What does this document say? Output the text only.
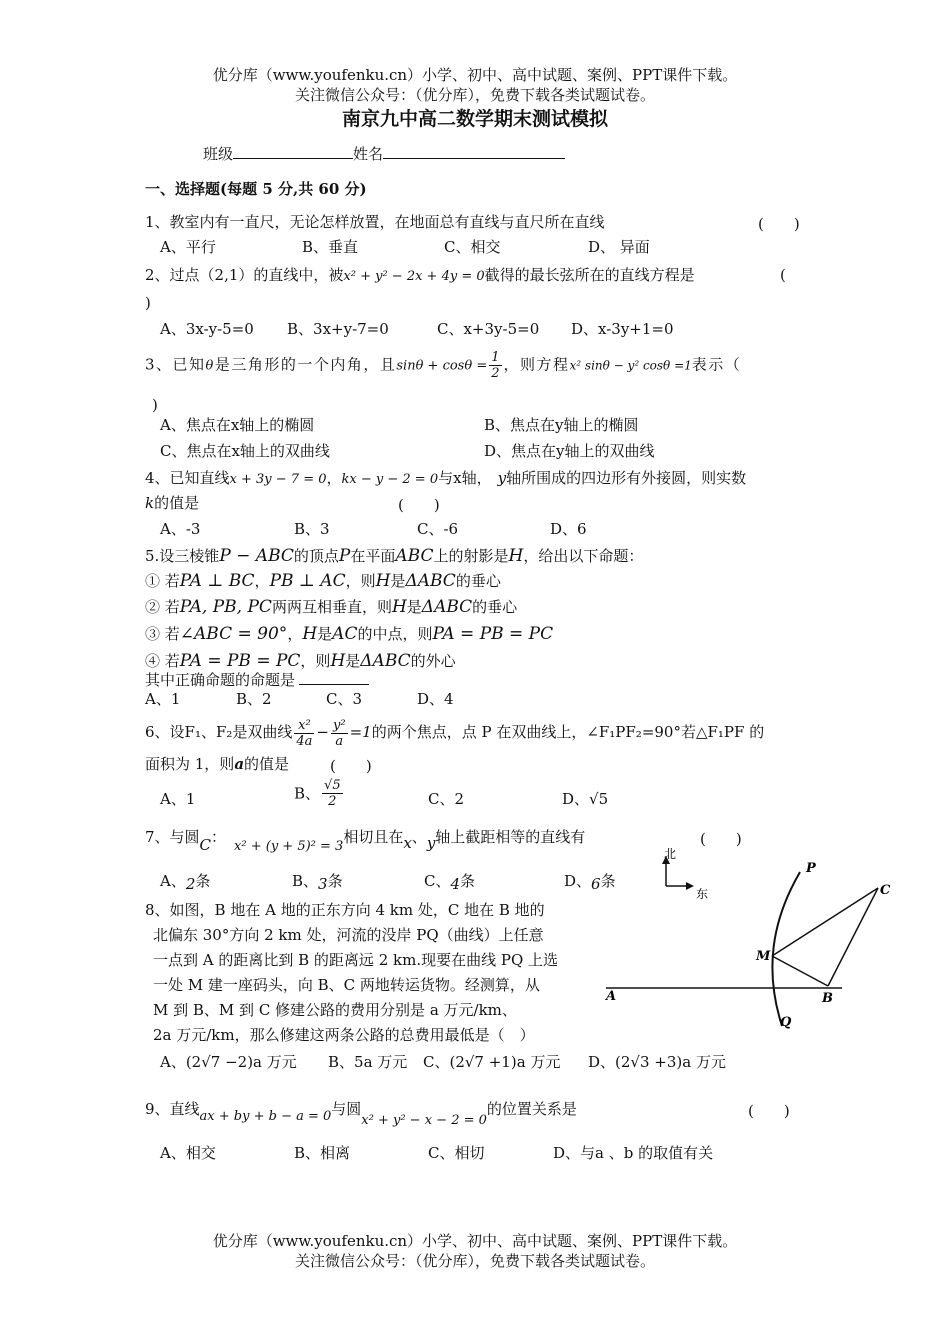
优分库（www.youfenku.cn）小学、初中、高中试题、案例、PPT课件下载。
关注微信公众号：（优分库），免费下载各类试题试卷。
南京九中高二数学期末测试模拟
班级	姓名
一、选择题(每题 5 分,共 60 分)
1、教室内有一直尺，无论怎样放置，在地面总有直线与直尺所在直线	(　　)
A、平行	B、垂直	C、相交	D、 异面
2、过点（2,1）的直线中，被x² + y² − 2x + 4y = 0截得的最长弦所在的直线方程是	(
)
A、3x-y-5=0 B、3x+y-7=0	C、x+3y-5=0 D、x-3y+1=0
3、已知θ是三角形的一个内角，且$\sin\theta + \cos\theta = \frac{1}{2}$ ，则方程x² sinθ − y² cosθ =1表示（
)
A、焦点在x轴上的椭圆	B、焦点在y轴上的椭圆
C、焦点在x轴上的双曲线	D、焦点在y轴上的双曲线
4、已知直线x + 3y − 7 = 0，kx − y − 2 = 0与x轴， y轴所围成的四边形有外接圆，则实数
k的值是	(　　)
A、-3	B、3	C、-6	D、6
5.设三棱锥P − ABC的顶点P在平面ABC上的射影是H，给出以下命题：
① 若PA ⊥ BC，PB ⊥ AC，则H是ΔABC的垂心
② 若PA, PB, PC两两互相垂直，则H是ΔABC的垂心
③ 若∠ABC = 90°，H是AC的中点，则PA = PB = PC
④ 若PA = PB = PC，则H是ΔABC的外心
其中正确命题的命题是
A、1	B、2	C、3	D、4
6、设F₁、F₂是双曲线 $\frac{\text{x²}}{4a} - \frac{\text{y²}}{a} =1$的两个焦点，点 P 在双曲线上，∠F₁PF₂=90°若△F₁PF 的
面积为 1，则a的值是	(　　)
A、1	B、 $\frac{√5}{2}$	C、2	D、√5
7、与圆C：x² + (y + 5)² = 3相切且在x、y轴上截距相等的直线有	(　　)
A、2条	B、3条	C、4条	D、6条
8、如图，B 地在 A 地的正东方向 4 km 处，C 地在 B 地的
北偏东 30°方向 2 km 处，河流的没岸 PQ（曲线）上任意
一点到 A 的距离比到 B 的距离远 2 km.现要在曲线 PQ 上选
一处 M 建一座码头，向 B、C 两地转运货物。经测算，从
M 到 B、M 到 C 修建公路的费用分别是 a 万元/km、
2a 万元/km，那么修建这两条公路的总费用最低是（　）
A、(2√7 −2)a 万元 B、5a 万元 C、(2√7 +1)a 万元 D、(2√3 +3)a 万元
北
东
P
C
M
A	B
Q
9、直线ax + by + b − a = 0与圆x² + y² − x − 2 = 0的位置关系是	(　　)
A、相交	B、相离	C、相切	D、与a 、b 的取值有关
优分库（www.youfenku.cn）小学、初中、高中试题、案例、PPT课件下载。
关注微信公众号：（优分库），免费下载各类试题试卷。
